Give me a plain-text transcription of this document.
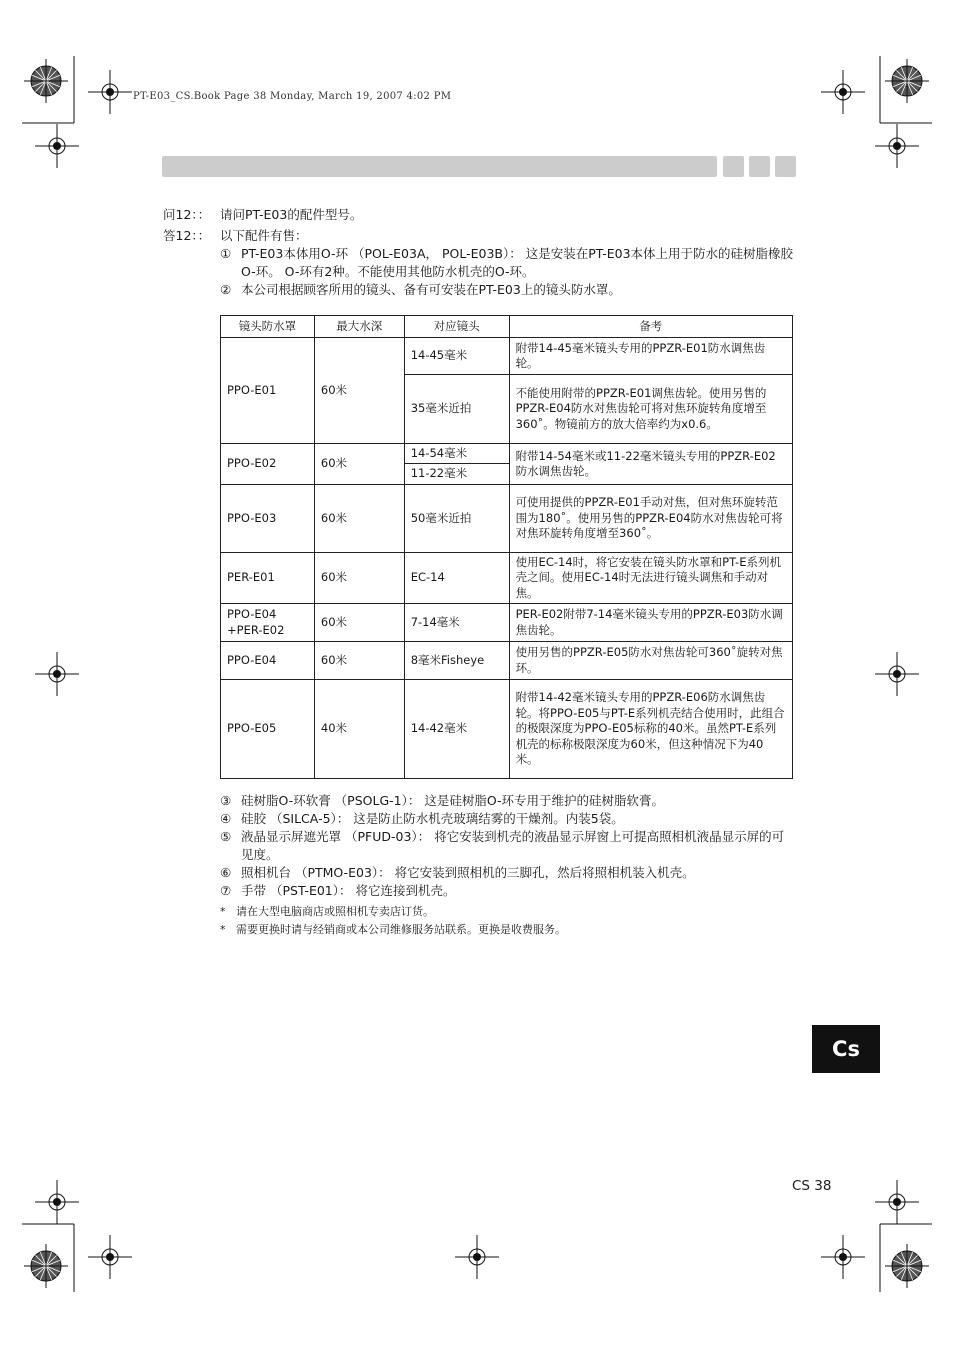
PT-E03_CS.Book Page 38 Monday, March 19, 2007 4:02 PM
问12：： 请问PT-E03的配件型号。
答12：： 以下配件有售：
① PT-E03本体用O-环 （POL-E03A， POL-E03B）： 这是安装在PT-E03本体上用于防水的硅树脂橡胶O-环。 O-环有2种。不能使用其他防水机壳的O-环。
② 本公司根据顾客所用的镜头、备有可安装在PT-E03上的镜头防水罩。
镜头防水罩	最大水深	对应镜头	备考
PPO-E01	60米	14-45毫米	附带14-45毫米镜头专用的PPZR-E01防水调焦齿轮。
		35毫米近拍	不能使用附带的PPZR-E01调焦齿轮。使用另售的PPZR-E04防水对焦齿轮可将对焦环旋转角度增至360˚。物镜前方的放大倍率约为x0.6。
PPO-E02	60米	14-54毫米	附带14-54毫米或11-22毫米镜头专用的PPZR-E02防水调焦齿轮。
		11-22毫米	
PPO-E03	60米	50毫米近拍	可使用提供的PPZR-E01手动对焦，但对焦环旋转范围为180˚。使用另售的PPZR-E04防水对焦齿轮可将对焦环旋转角度增至360˚。
PER-E01	60米	EC-14	使用EC-14时，将它安装在镜头防水罩和PT-E系列机壳之间。使用EC-14时无法进行镜头调焦和手动对焦。
PPO-E04 +PER-E02	60米	7-14毫米	PER-E02附带7-14毫米镜头专用的PPZR-E03防水调焦齿轮。
PPO-E04	60米	8毫米Fisheye	使用另售的PPZR-E05防水对焦齿轮可360˚旋转对焦环。
PPO-E05	40米	14-42毫米	附带14-42毫米镜头专用的PPZR-E06防水调焦齿轮。将PPO-E05与PT-E系列机壳结合使用时，此组合的极限深度为PPO-E05标称的40米。虽然PT-E系列机壳的标称极限深度为60米，但这种情况下为40米。
③ 硅树脂O-环软膏 （PSOLG-1）： 这是硅树脂O-环专用于维护的硅树脂软膏。
④ 硅胶 （SILCA-5）： 这是防止防水机壳玻璃结雾的干燥剂。内装5袋。
⑤ 液晶显示屏遮光罩 （PFUD-03）： 将它安装到机壳的液晶显示屏窗上可提高照相机液晶显示屏的可见度。
⑥ 照相机台 （PTMO-E03）： 将它安装到照相机的三脚孔，然后将照相机装入机壳。
⑦ 手带 （PST-E01）： 将它连接到机壳。
* 请在大型电脑商店或照相机专卖店订货。
* 需要更换时请与经销商或本公司维修服务站联系。更换是收费服务。
Cs
CS 38
